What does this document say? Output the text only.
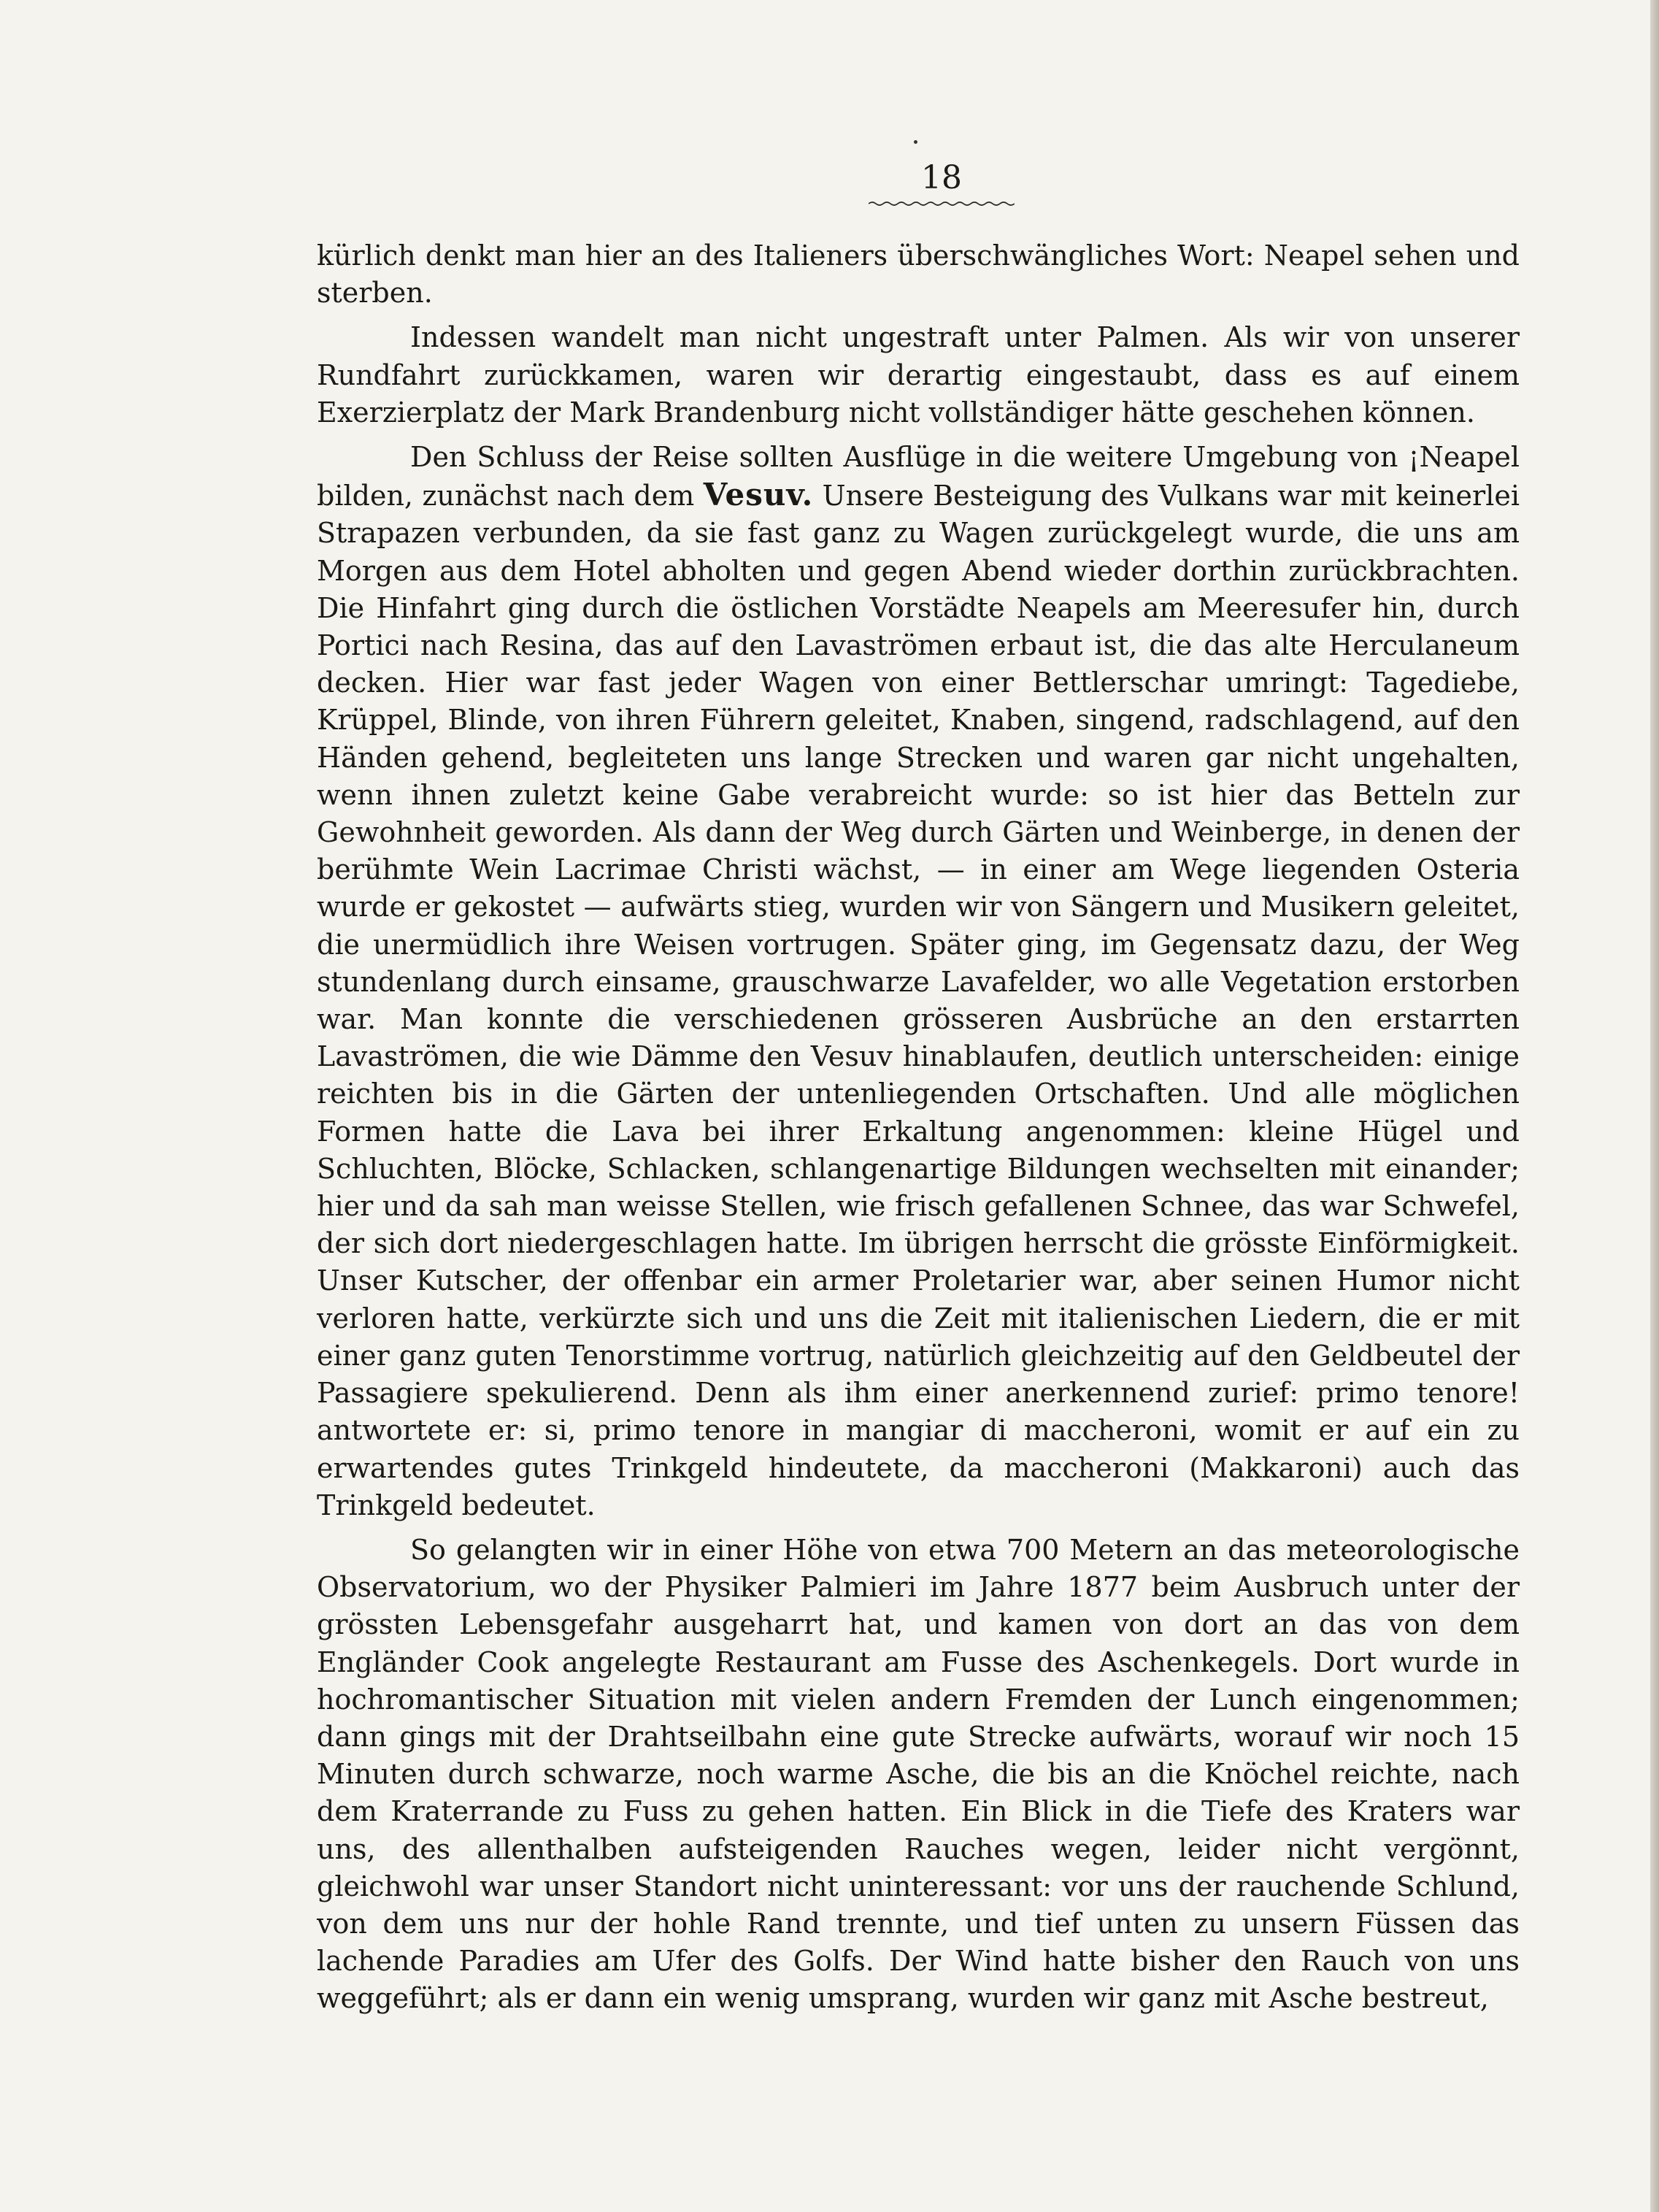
18

kürlich denkt man hier an des Italieners überschwängliches Wort: Neapel sehen und sterben.

Indessen wandelt man nicht ungestraft unter Palmen. Als wir von unserer Rundfahrt zurückkamen, waren wir derartig eingestaubt, dass es auf einem Exerzierplatz der Mark Brandenburg nicht vollständiger hätte geschehen können.

Den Schluss der Reise sollten Ausflüge in die weitere Umgebung von ¡Neapel bilden, zunächst nach dem Vesuv. Unsere Besteigung des Vulkans war mit keinerlei Strapazen verbunden, da sie fast ganz zu Wagen zurückgelegt wurde, die uns am Morgen aus dem Hotel abholten und gegen Abend wieder dorthin zurückbrachten. Die Hinfahrt ging durch die östlichen Vorstädte Neapels am Meeresufer hin, durch Portici nach Resina, das auf den Lavaströmen erbaut ist, die das alte Herculaneum decken. Hier war fast jeder Wagen von einer Bettlerschar umringt: Tagediebe, Krüppel, Blinde, von ihren Führern geleitet, Knaben, singend, radschlagend, auf den Händen gehend, begleiteten uns lange Strecken und waren gar nicht ungehalten, wenn ihnen zuletzt keine Gabe verabreicht wurde: so ist hier das Betteln zur Gewohnheit geworden. Als dann der Weg durch Gärten und Weinberge, in denen der berühmte Wein Lacrimae Christi wächst, — in einer am Wege liegenden Osteria wurde er gekostet — aufwärts stieg, wurden wir von Sängern und Musikern geleitet, die unermüdlich ihre Weisen vortrugen. Später ging, im Gegensatz dazu, der Weg stundenlang durch einsame, grauschwarze Lavafelder, wo alle Vegetation erstorben war. Man konnte die verschiedenen grösseren Ausbrüche an den erstarrten Lavaströmen, die wie Dämme den Vesuv hinablaufen, deutlich unterscheiden: einige reichten bis in die Gärten der untenliegenden Ortschaften. Und alle möglichen Formen hatte die Lava bei ihrer Erkaltung angenommen: kleine Hügel und Schluchten, Blöcke, Schlacken, schlangenartige Bildungen wechselten mit einander; hier und da sah man weisse Stellen, wie frisch gefallenen Schnee, das war Schwefel, der sich dort niedergeschlagen hatte. Im übrigen herrscht die grösste Einförmigkeit. Unser Kutscher, der offenbar ein armer Proletarier war, aber seinen Humor nicht verloren hatte, verkürzte sich und uns die Zeit mit italienischen Liedern, die er mit einer ganz guten Tenorstimme vortrug, natürlich gleichzeitig auf den Geldbeutel der Passagiere spekulierend. Denn als ihm einer anerkennend zurief: primo tenore! antwortete er: si, primo tenore in mangiar di maccheroni, womit er auf ein zu erwartendes gutes Trinkgeld hindeutete, da maccheroni (Makkaroni) auch das Trinkgeld bedeutet.

So gelangten wir in einer Höhe von etwa 700 Metern an das meteorologische Observatorium, wo der Physiker Palmieri im Jahre 1877 beim Ausbruch unter der grössten Lebensgefahr ausgeharrt hat, und kamen von dort an das von dem Engländer Cook angelegte Restaurant am Fusse des Aschenkegels. Dort wurde in hochromantischer Situation mit vielen andern Fremden der Lunch eingenommen; dann gings mit der Drahtseilbahn eine gute Strecke aufwärts, worauf wir noch 15 Minuten durch schwarze, noch warme Asche, die bis an die Knöchel reichte, nach dem Kraterrande zu Fuss zu gehen hatten. Ein Blick in die Tiefe des Kraters war uns, des allenthalben aufsteigenden Rauches wegen, leider nicht vergönnt, gleichwohl war unser Standort nicht uninteressant: vor uns der rauchende Schlund, von dem uns nur der hohle Rand trennte, und tief unten zu unsern Füssen das lachende Paradies am Ufer des Golfs. Der Wind hatte bisher den Rauch von uns weggeführt; als er dann ein wenig umsprang, wurden wir ganz mit Asche bestreut,
